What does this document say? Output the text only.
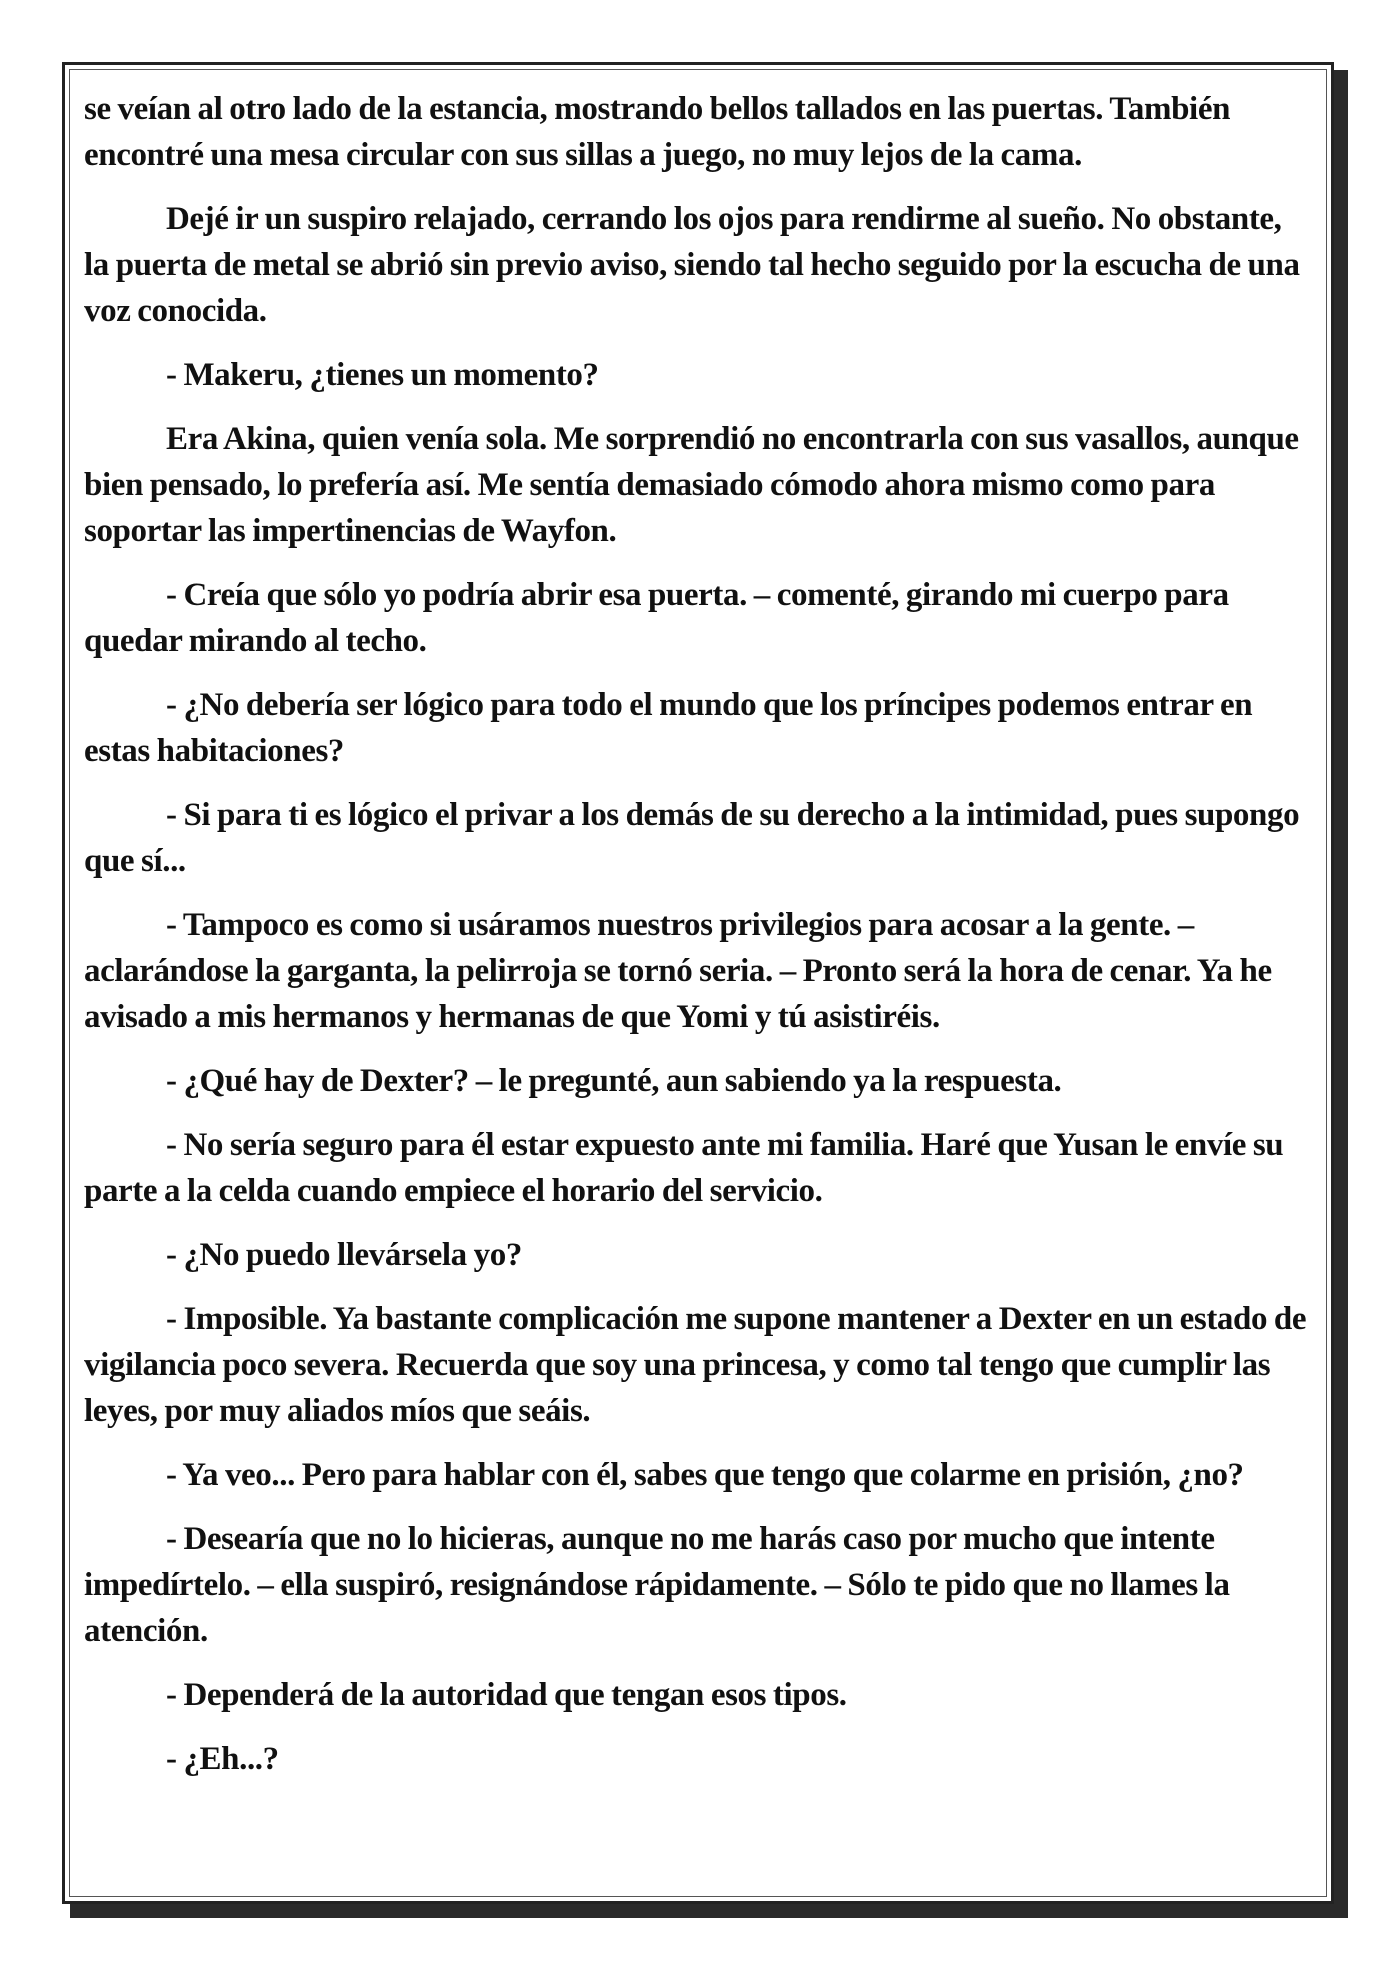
se veían al otro lado de la estancia, mostrando bellos tallados en las puertas. También encontré una mesa circular con sus sillas a juego, no muy lejos de la cama.

Dejé ir un suspiro relajado, cerrando los ojos para rendirme al sueño. No obstante, la puerta de metal se abrió sin previo aviso, siendo tal hecho seguido por la escucha de una voz conocida.

- Makeru, ¿tienes un momento?

Era Akina, quien venía sola. Me sorprendió no encontrarla con sus vasallos, aunque bien pensado, lo prefería así. Me sentía demasiado cómodo ahora mismo como para soportar las impertinencias de Wayfon.

- Creía que sólo yo podría abrir esa puerta. – comenté, girando mi cuerpo para quedar mirando al techo.

- ¿No debería ser lógico para todo el mundo que los príncipes podemos entrar en estas habitaciones?

- Si para ti es lógico el privar a los demás de su derecho a la intimidad, pues supongo que sí...

- Tampoco es como si usáramos nuestros privilegios para acosar a la gente. – aclarándose la garganta, la pelirroja se tornó seria. – Pronto será la hora de cenar. Ya he avisado a mis hermanos y hermanas de que Yomi y tú asistiréis.

- ¿Qué hay de Dexter? – le pregunté, aun sabiendo ya la respuesta.

- No sería seguro para él estar expuesto ante mi familia. Haré que Yusan le envíe su parte a la celda cuando empiece el horario del servicio.

- ¿No puedo llevársela yo?

- Imposible. Ya bastante complicación me supone mantener a Dexter en un estado de vigilancia poco severa. Recuerda que soy una princesa, y como tal tengo que cumplir las leyes, por muy aliados míos que seáis.

- Ya veo... Pero para hablar con él, sabes que tengo que colarme en prisión, ¿no?

- Desearía que no lo hicieras, aunque no me harás caso por mucho que intente impedírtelo. – ella suspiró, resignándose rápidamente. – Sólo te pido que no llames la atención.

- Dependerá de la autoridad que tengan esos tipos.

- ¿Eh...?
